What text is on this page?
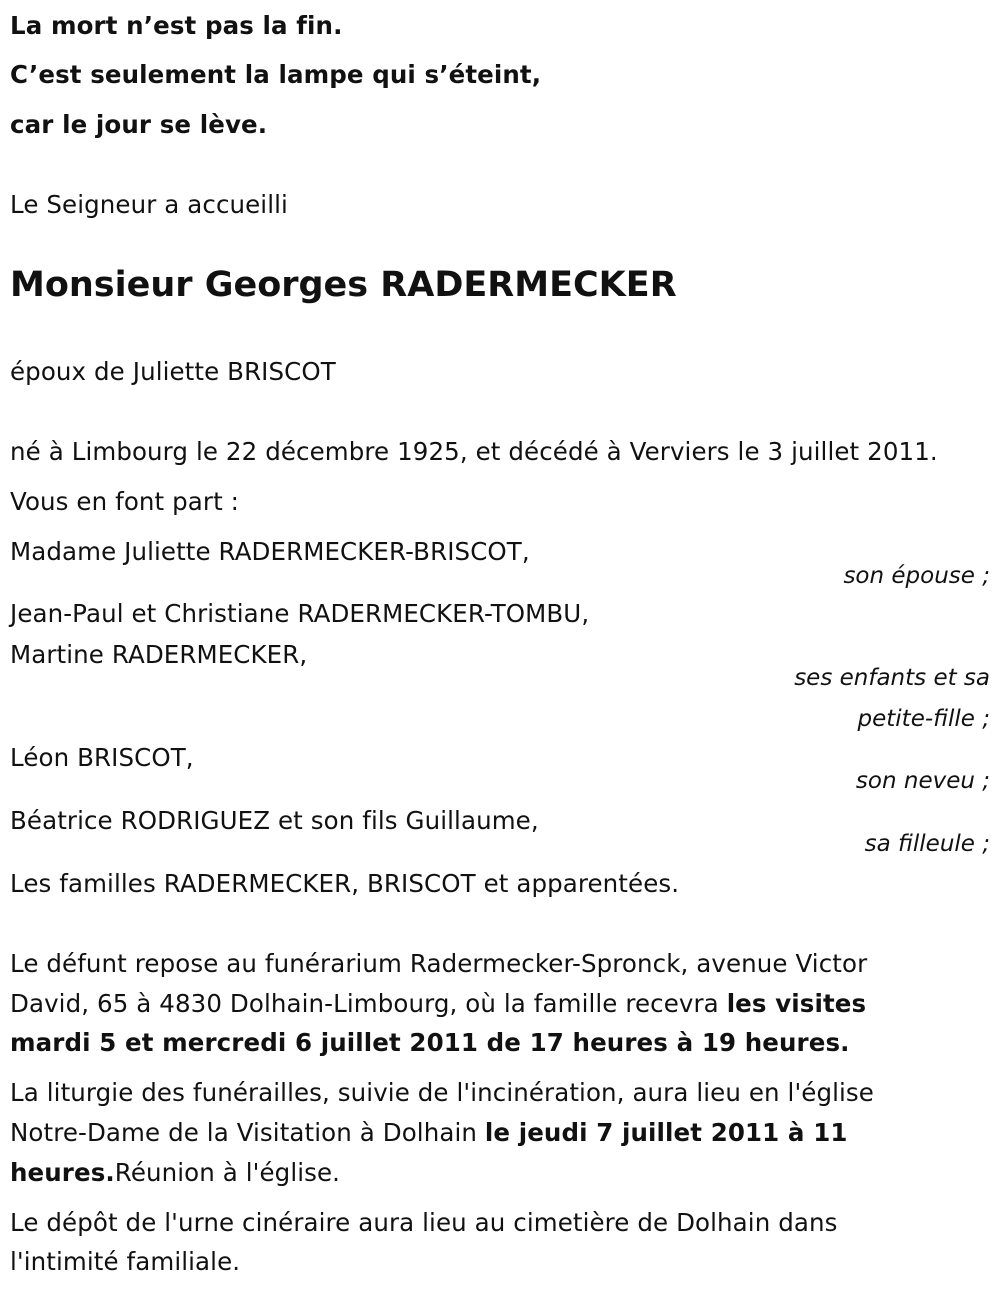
La mort n’est pas la fin.
C’est seulement la lampe qui s’éteint,
car le jour se lève.
Le Seigneur a accueilli
Monsieur Georges RADERMECKER
époux de Juliette BRISCOT
né à Limbourg le 22 décembre 1925, et décédé à Verviers le 3 juillet 2011.
Vous en font part :
Madame Juliette RADERMECKER-BRISCOT,
son épouse ;
Jean-Paul et Christiane RADERMECKER-TOMBU,
Martine RADERMECKER,
ses enfants et sa
petite-fille ;
Léon BRISCOT,
son neveu ;
Béatrice RODRIGUEZ et son fils Guillaume,
sa filleule ;
Les familles RADERMECKER, BRISCOT et apparentées.
Le défunt repose au funérarium Radermecker-Spronck, avenue Victor
David, 65 à 4830 Dolhain-Limbourg, où la famille recevra les visites
mardi 5 et mercredi 6 juillet 2011 de 17 heures à 19 heures.
La liturgie des funérailles, suivie de l'incinération, aura lieu en l'église
Notre-Dame de la Visitation à Dolhain le jeudi 7 juillet 2011 à 11
heures.Réunion à l'église.
Le dépôt de l'urne cinéraire aura lieu au cimetière de Dolhain dans
l'intimité familiale.
